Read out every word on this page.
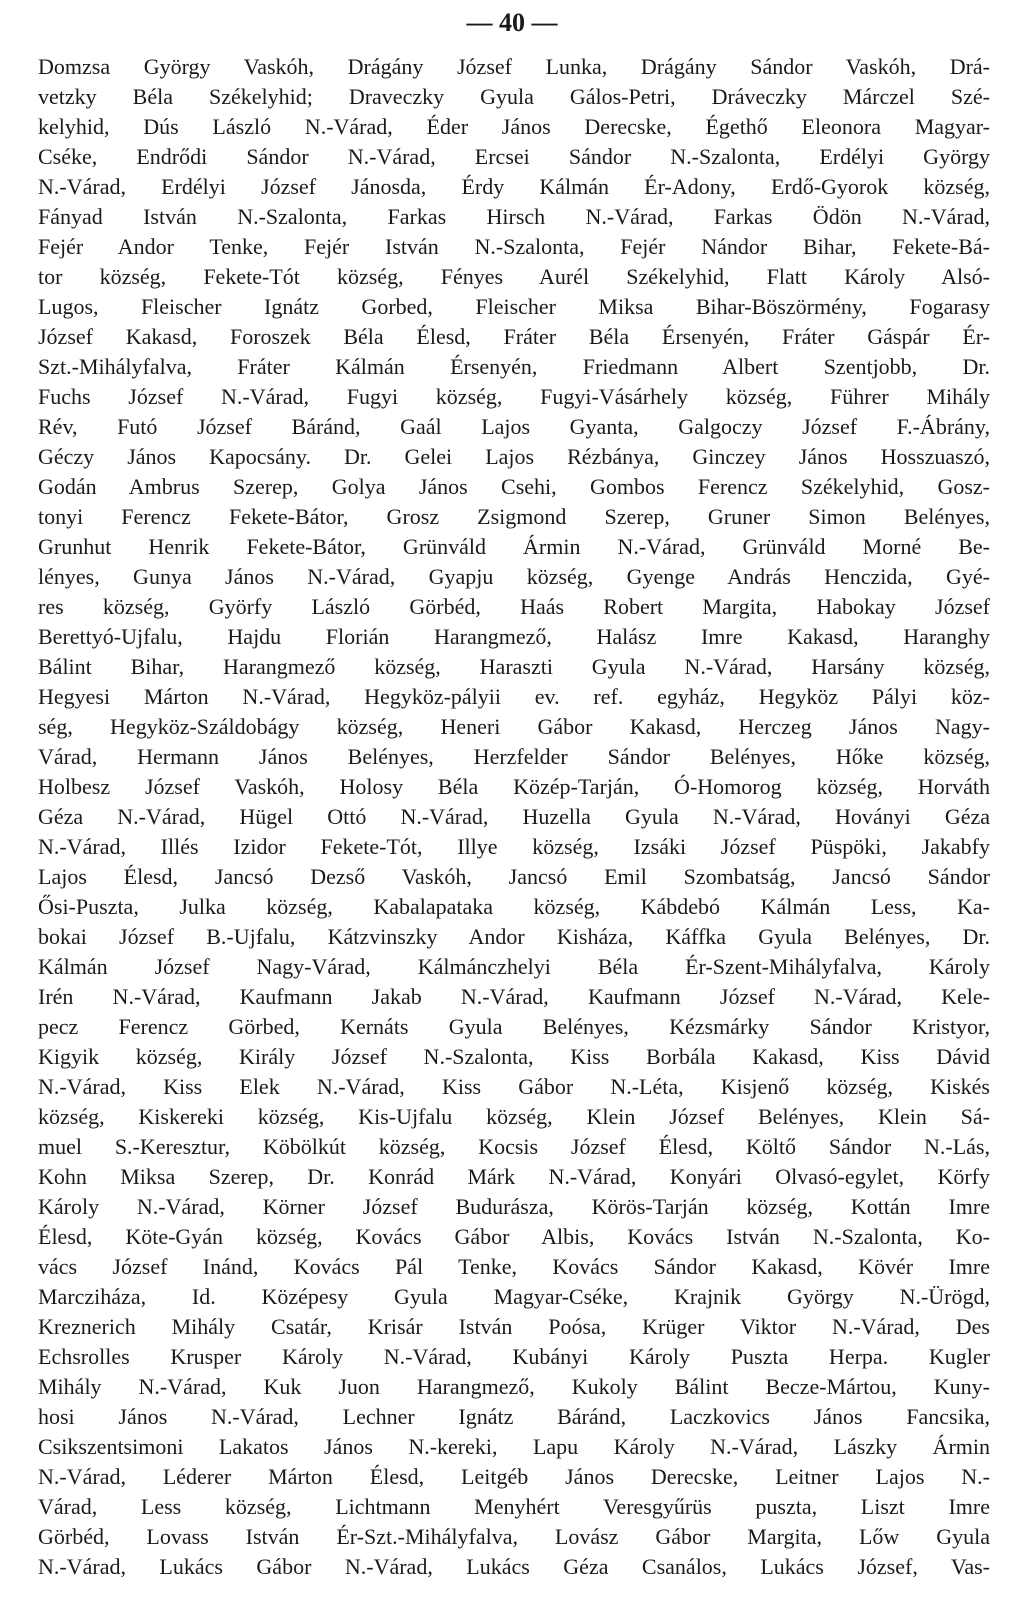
— 40 —
Domzsa György Vaskóh, Drágány József Lunka, Drágány Sándor Vaskóh, Drá-
vetzky Béla Székelyhid; Draveczky Gyula Gálos-Petri, Dráveczky Márczel Szé-
kelyhid, Dús László N.-Várad, Éder János Derecske, Égethő Eleonora Magyar-
Cséke, Endrődi Sándor N.-Várad, Ercsei Sándor N.-Szalonta, Erdélyi György
N.-Várad, Erdélyi József Jánosda, Érdy Kálmán Ér-Adony, Erdő-Gyorok község,
Fányad István N.-Szalonta, Farkas Hirsch N.-Várad, Farkas Ödön N.-Várad,
Fejér Andor Tenke, Fejér István N.-Szalonta, Fejér Nándor Bihar, Fekete-Bá-
tor község, Fekete-Tót község, Fényes Aurél Székelyhid, Flatt Károly Alsó-
Lugos, Fleischer Ignátz Gorbed, Fleischer Miksa Bihar-Böszörmény, Fogarasy
József Kakasd, Foroszek Béla Élesd, Fráter Béla Érsenyén, Fráter Gáspár Ér-
Szt.-Mihályfalva, Fráter Kálmán Érsenyén, Friedmann Albert Szentjobb, Dr.
Fuchs József N.-Várad, Fugyi község, Fugyi-Vásárhely község, Führer Mihály
Rév, Futó József Báránd, Gaál Lajos Gyanta, Galgoczy József F.-Ábrány,
Géczy János Kapocsány. Dr. Gelei Lajos Rézbánya, Ginczey János Hosszuaszó,
Godán Ambrus Szerep, Golya János Csehi, Gombos Ferencz Székelyhid, Gosz-
tonyi Ferencz Fekete-Bátor, Grosz Zsigmond Szerep, Gruner Simon Belényes,
Grunhut Henrik Fekete-Bátor, Grünváld Ármin N.-Várad, Grünváld Morné Be-
lényes, Gunya János N.-Várad, Gyapju község, Gyenge András Henczida, Gyé-
res község, Györfy László Görbéd, Haás Robert Margita, Habokay József
Berettyó-Ujfalu, Hajdu Florián Harangmező, Halász Imre Kakasd, Haranghy
Bálint Bihar, Harangmező község, Haraszti Gyula N.-Várad, Harsány község,
Hegyesi Márton N.-Várad, Hegyköz-pályii ev. ref. egyház, Hegyköz Pályi köz-
ség, Hegyköz-Száldobágy község, Heneri Gábor Kakasd, Herczeg János Nagy-
Várad, Hermann János Belényes, Herzfelder Sándor Belényes, Hőke község,
Holbesz József Vaskóh, Holosy Béla Közép-Tarján, Ó-Homorog község, Horváth
Géza N.-Várad, Hügel Ottó N.-Várad, Huzella Gyula N.-Várad, Hoványi Géza
N.-Várad, Illés Izidor Fekete-Tót, Illye község, Izsáki József Püspöki, Jakabfy
Lajos Élesd, Jancsó Dezső Vaskóh, Jancsó Emil Szombatság, Jancsó Sándor
Ősi-Puszta, Julka község, Kabalapataka község, Kábdebó Kálmán Less, Ka-
bokai József B.-Ujfalu, Kátzvinszky Andor Kisháza, Káffka Gyula Belényes, Dr.
Kálmán József Nagy-Várad, Kálmánczhelyi Béla Ér-Szent-Mihályfalva, Károly
Irén N.-Várad, Kaufmann Jakab N.-Várad, Kaufmann József N.-Várad, Kele-
pecz Ferencz Görbed, Kernáts Gyula Belényes, Kézsmárky Sándor Kristyor,
Kigyik község, Király József N.-Szalonta, Kiss Borbála Kakasd, Kiss Dávid
N.-Várad, Kiss Elek N.-Várad, Kiss Gábor N.-Léta, Kisjenő község, Kiskés
község, Kiskereki község, Kis-Ujfalu község, Klein József Belényes, Klein Sá-
muel S.-Keresztur, Köbölkút község, Kocsis József Élesd, Költő Sándor N.-Lás,
Kohn Miksa Szerep, Dr. Konrád Márk N.-Várad, Konyári Olvasó-egylet, Körfy
Károly N.-Várad, Körner József Budurásza, Körös-Tarján község, Kottán Imre
Élesd, Köte-Gyán község, Kovács Gábor Albis, Kovács István N.-Szalonta, Ko-
vács József Inánd, Kovács Pál Tenke, Kovács Sándor Kakasd, Kövér Imre
Marcziháza, Id. Középesy Gyula Magyar-Cséke, Krajnik György N.-Ürögd,
Kreznerich Mihály Csatár, Krisár István Poósa, Krüger Viktor N.-Várad, Des
Echsrolles Krusper Károly N.-Várad, Kubányi Károly Puszta Herpa. Kugler
Mihály N.-Várad, Kuk Juon Harangmező, Kukoly Bálint Becze-Mártou, Kuny-
hosi János N.-Várad, Lechner Ignátz Báránd, Laczkovics János Fancsika,
Csikszentsimoni Lakatos János N.-kereki, Lapu Károly N.-Várad, Lászky Ármin
N.-Várad, Léderer Márton Élesd, Leitgéb János Derecske, Leitner Lajos N.-
Várad, Less község, Lichtmann Menyhért Veresgyűrüs puszta, Liszt Imre
Görbéd, Lovass István Ér-Szt.-Mihályfalva, Lovász Gábor Margita, Lőw Gyula
N.-Várad, Lukács Gábor N.-Várad, Lukács Géza Csanálos, Lukács József, Vas-
